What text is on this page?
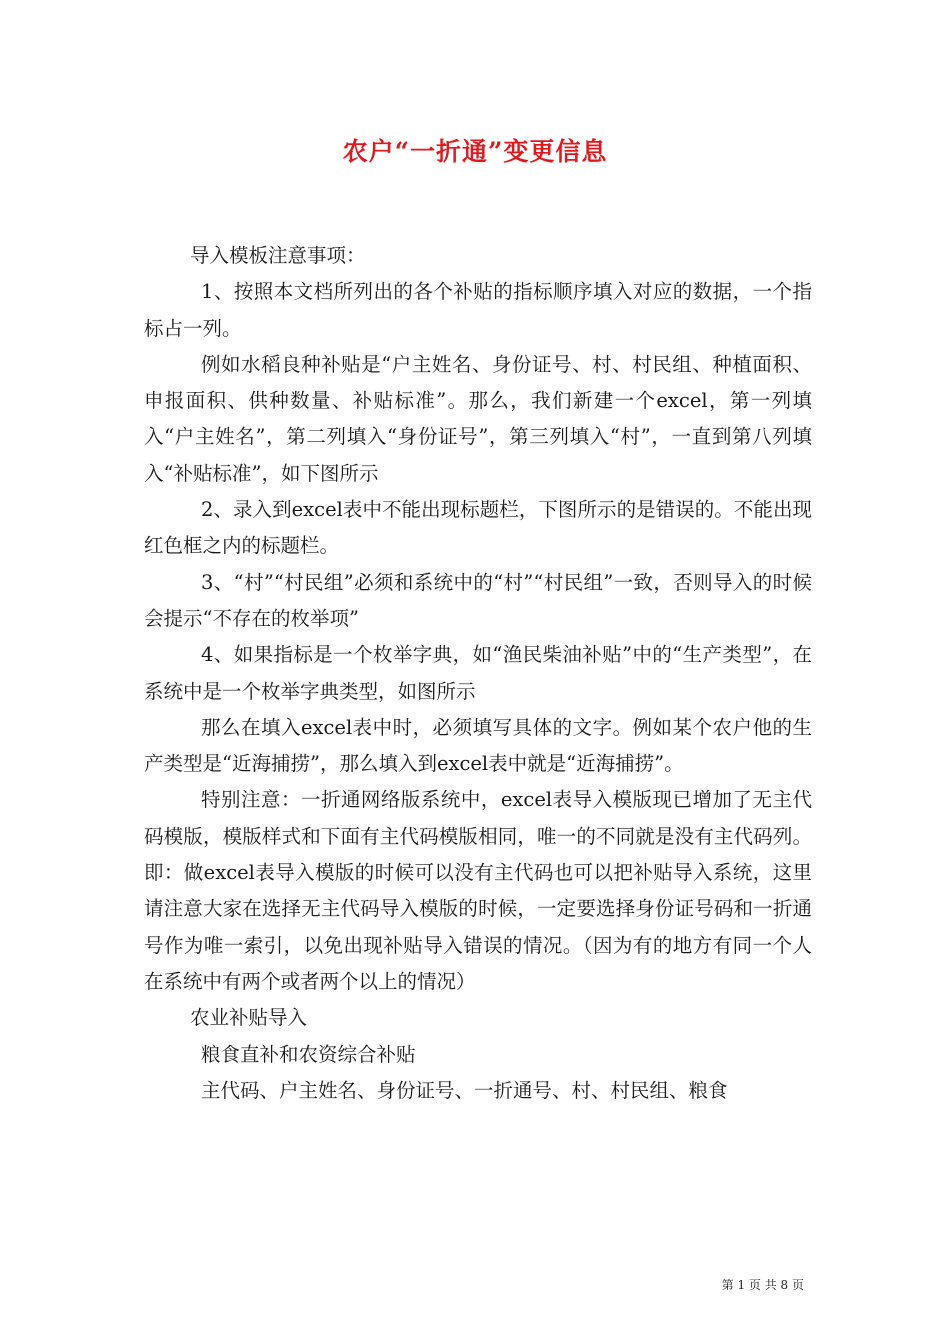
农户“一折通”变更信息

导入模板注意事项：

1、按照本文档所列出的各个补贴的指标顺序填入对应的数据，一个指标占一列。

例如水稻良种补贴是“户主姓名、身份证号、村、村民组、种植面积、申报面积、供种数量、补贴标准”。那么，我们新建一个excel，第一列填入“户主姓名”，第二列填入“身份证号”，第三列填入“村”，一直到第八列填入“补贴标准”，如下图所示

2、录入到excel表中不能出现标题栏，下图所示的是错误的。不能出现红色框之内的标题栏。

3、“村”“村民组”必须和系统中的“村”“村民组”一致，否则导入的时候会提示“不存在的枚举项”

4、如果指标是一个枚举字典，如“渔民柴油补贴”中的“生产类型”，在系统中是一个枚举字典类型，如图所示

那么在填入excel表中时，必须填写具体的文字。例如某个农户他的生产类型是“近海捕捞”，那么填入到excel表中就是“近海捕捞”。

特别注意：一折通网络版系统中，excel表导入模版现已增加了无主代码模版，模版样式和下面有主代码模版相同，唯一的不同就是没有主代码列。即：做excel表导入模版的时候可以没有主代码也可以把补贴导入系统，这里请注意大家在选择无主代码导入模版的时候，一定要选择身份证号码和一折通号作为唯一索引，以免出现补贴导入错误的情况。（因为有的地方有同一个人在系统中有两个或者两个以上的情况）

农业补贴导入

粮食直补和农资综合补贴

主代码、户主姓名、身份证号、一折通号、村、村民组、粮食

第 1 页 共 8 页
